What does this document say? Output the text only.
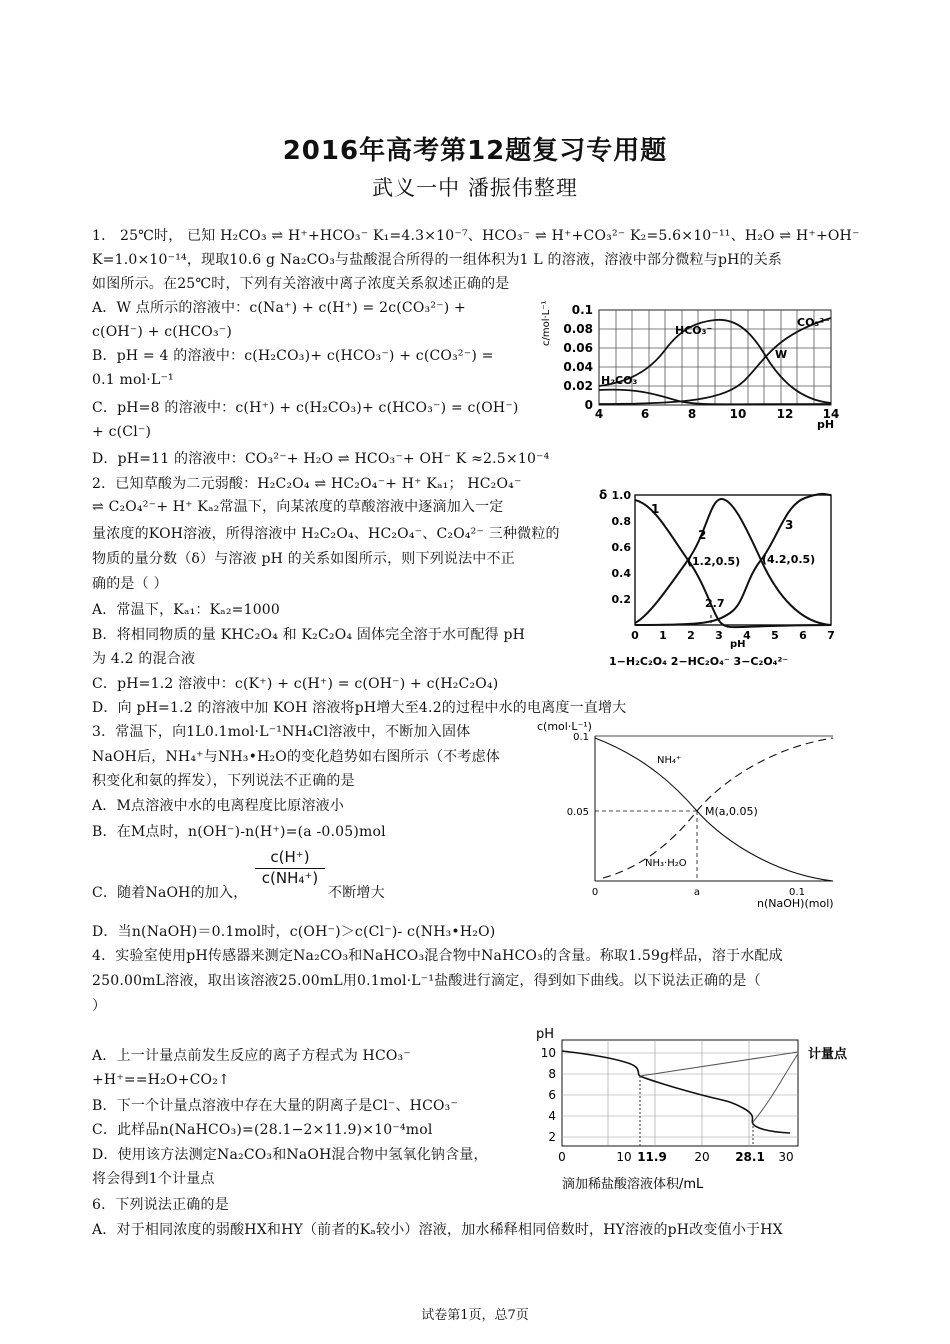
2016年高考第12题复习专用题
武义一中 潘振伟整理
1． 25℃时， 已知 H₂CO₃ ⇌ H⁺+HCO₃⁻ K₁=4.3×10⁻⁷、HCO₃⁻ ⇌ H⁺+CO₃²⁻ K₂=5.6×10⁻¹¹、H₂O ⇌ H⁺+OH⁻
K=1.0×10⁻¹⁴，现取10.6 g Na₂CO₃与盐酸混合所得的一组体积为1 L 的溶液，溶液中部分微粒与pH的关系
如图所示。在25℃时，下列有关溶液中离子浓度关系叙述正确的是
A．W 点所示的溶液中：c(Na⁺) + c(H⁺) = 2c(CO₃²⁻) +
c(OH⁻) + c(HCO₃⁻)
B．pH = 4 的溶液中：c(H₂CO₃)+ c(HCO₃⁻) + c(CO₃²⁻) =
0.1 mol·L⁻¹
C．pH=8 的溶液中：c(H⁺) + c(H₂CO₃)+ c(HCO₃⁻) = c(OH⁻)
+ c(Cl⁻)
D．pH=11 的溶液中：CO₃²⁻+ H₂O ⇌ HCO₃⁻+ OH⁻ K ≈2.5×10⁻⁴
2．已知草酸为二元弱酸：H₂C₂O₄ ⇌ HC₂O₄⁻+ H⁺ Kₐ₁； HC₂O₄⁻
⇌ C₂O₄²⁻+ H⁺ Kₐ₂常温下，向某浓度的草酸溶液中逐滴加入一定
量浓度的KOH溶液，所得溶液中 H₂C₂O₄、HC₂O₄⁻、C₂O₄²⁻ 三种微粒的
物质的量分数（δ）与溶液 pH 的关系如图所示，则下列说法中不正
确的是（ ）
A．常温下，Kₐ₁：Kₐ₂=1000
B．将相同物质的量 KHC₂O₄ 和 K₂C₂O₄ 固体完全溶于水可配得 pH
为 4.2 的混合液
C．pH=1.2 溶液中：c(K⁺) + c(H⁺) = c(OH⁻) + c(H₂C₂O₄)
D．向 pH=1.2 的溶液中加 KOH 溶液将pH增大至4.2的过程中水的电离度一直增大
3．常温下，向1L0.1mol·L⁻¹NH₄Cl溶液中，不断加入固体
NaOH后，NH₄⁺与NH₃•H₂O的变化趋势如右图所示（不考虑体
积变化和氨的挥发），下列说法不正确的是
A．M点溶液中水的电离程度比原溶液小
B．在M点时，n(OH⁻)-n(H⁺)=(a -0.05)mol
C．随着NaOH的加入，
$\frac{c(H^+)}{\text{c(NH₄⁺)}}$
不断增大
D．当n(NaOH)＝0.1mol时，c(OH⁻)＞c(Cl⁻)- c(NH₃•H₂O)
4．实验室使用pH传感器来测定Na₂CO₃和NaHCO₃混合物中NaHCO₃的含量。称取1.59g样品，溶于水配成
250.00mL溶液，取出该溶液25.00mL用0.1mol·L⁻¹盐酸进行滴定，得到如下曲线。以下说法正确的是（
）
A．上一计量点前发生反应的离子方程式为 HCO₃⁻
+H⁺==H₂O+CO₂↑
B．下一个计量点溶液中存在大量的阴离子是Cl⁻、HCO₃⁻
C．此样品n(NaHCO₃)=(28.1−2×11.9)×10⁻⁴mol
D．使用该方法测定Na₂CO₃和NaOH混合物中氢氧化钠含量，
将会得到1个计量点
6．下列说法正确的是
A．对于相同浓度的弱酸HX和HY（前者的Kₐ较小）溶液，加水稀释相同倍数时，HY溶液的pH改变值小于HX
c/mol·L⁻¹ 0.1
0.08
0.06
0.04
0.02
0
4	6	8	10	12 14
pH
H₂CO₃
HCO₃⁻
CO₃²⁻
W
δ 1.0
0.8
0.6
0.4
0.2
0 1 2 3 4 5 6 7
pH
1
2
3
(1.2,0.5) (4.2,0.5)
2.7
1−H₂C₂O₄ 2−HC₂O₄⁻ 3−C₂O₄²⁻
c(mol·L⁻¹)
0.1
0.05
0	a	0.1
n(NaOH)(mol)
NH₄⁺
NH₃·H₂O
M(a,0.05)
pH
10
8
6
4
2
0	10 11.9 20 28.1 30
滴加稀盐酸溶液体积/mL
计量点
试卷第1页，总7页
